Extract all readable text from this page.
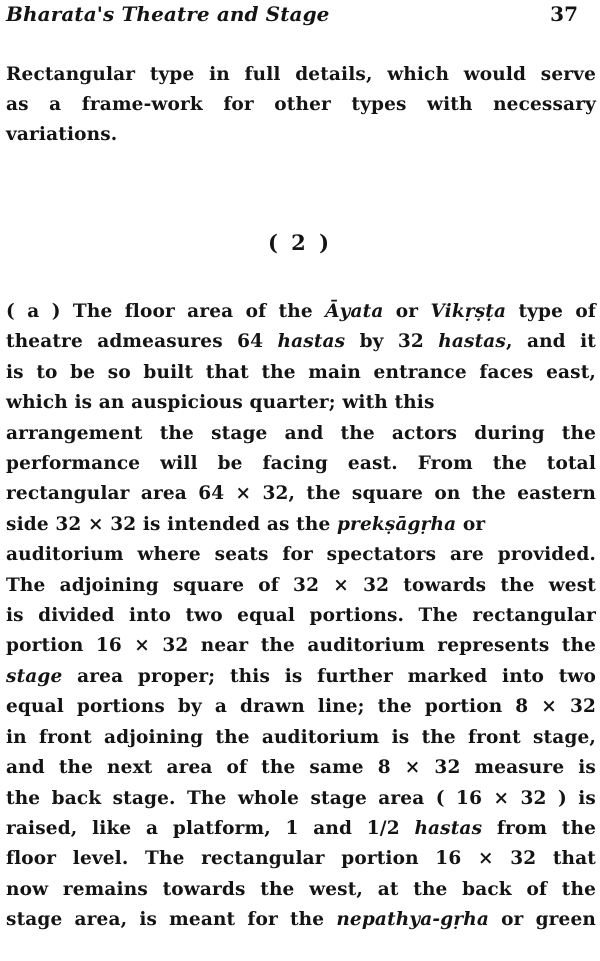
Bharata's Theatre and Stage	37
Rectangular type in full details, which would serve
as a frame-work for other types with necessary
variations.
( 2 )
( a ) The floor area of the Āyata or Vikṛṣṭa type of
theatre admeasures 64 hastas by 32 hastas, and it
is to be so built that the main entrance faces east,
which is an auspicious quarter; with this
arrangement the stage and the actors during the
performance will be facing east. From the total
rectangular area 64 × 32, the square on the eastern
side 32 × 32 is intended as the prekṣāgṛha or
auditorium where seats for spectators are provided.
The adjoining square of 32 × 32 towards the west
is divided into two equal portions. The rectangular
portion 16 × 32 near the auditorium represents the
stage area proper; this is further marked into two
equal portions by a drawn line; the portion 8 × 32
in front adjoining the auditorium is the front stage,
and the next area of the same 8 × 32 measure is
the back stage. The whole stage area ( 16 × 32 ) is
raised, like a platform, 1 and 1/2 hastas from the
floor level. The rectangular portion 16 × 32 that
now remains towards the west, at the back of the
stage area, is meant for the nepathya-gṛha or green
